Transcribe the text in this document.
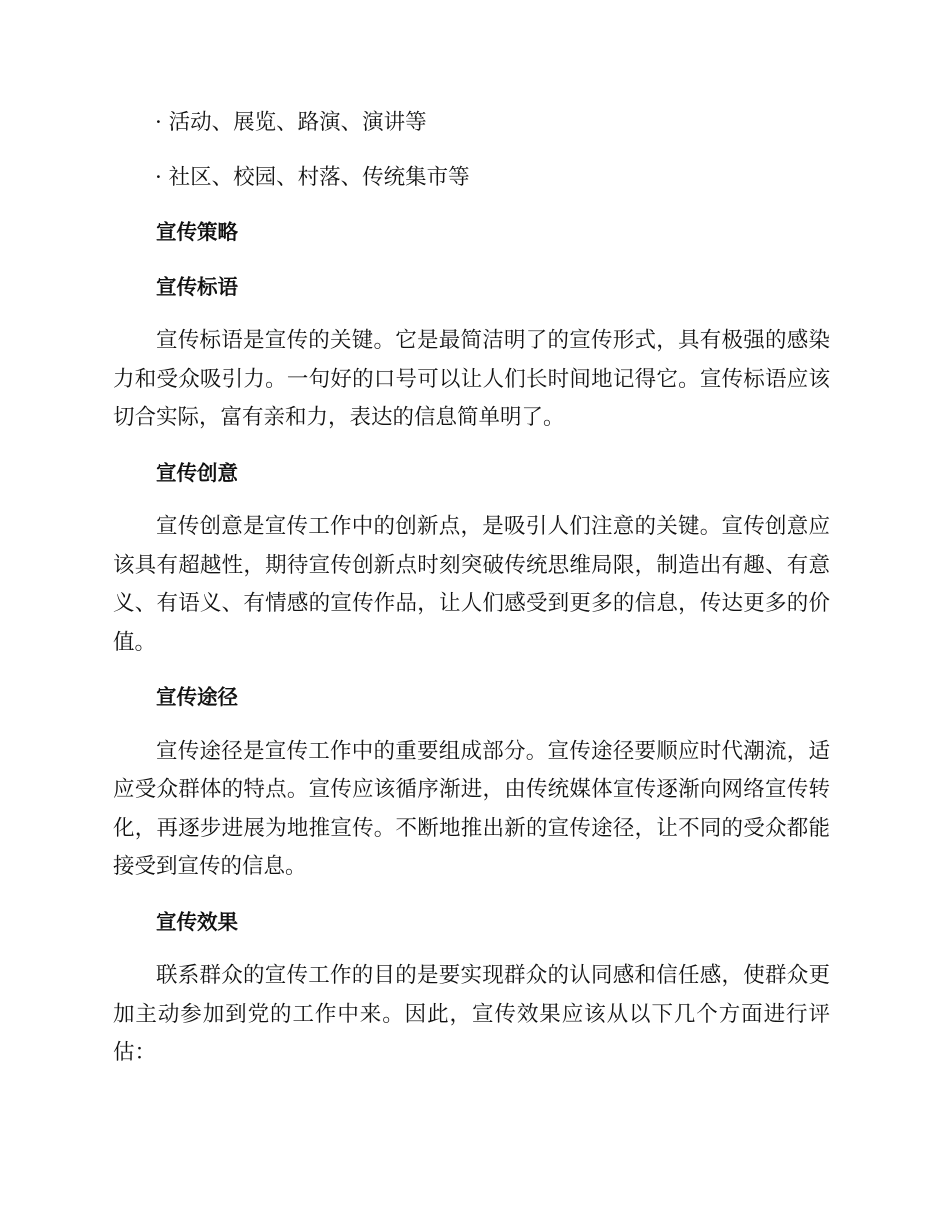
· 活动、展览、路演、演讲等

· 社区、校园、村落、传统集市等

宣传策略
宣传标语

宣传标语是宣传的关键。它是最简洁明了的宣传形式，具有极强的感染力和受众吸引力。一句好的口号可以让人们长时间地记得它。宣传标语应该切合实际，富有亲和力，表达的信息简单明了。

宣传创意

宣传创意是宣传工作中的创新点，是吸引人们注意的关键。宣传创意应该具有超越性，期待宣传创新点时刻突破传统思维局限，制造出有趣、有意义、有语义、有情感的宣传作品，让人们感受到更多的信息，传达更多的价值。

宣传途径

宣传途径是宣传工作中的重要组成部分。宣传途径要顺应时代潮流，适应受众群体的特点。宣传应该循序渐进，由传统媒体宣传逐渐向网络宣传转化，再逐步进展为地推宣传。不断地推出新的宣传途径，让不同的受众都能接受到宣传的信息。

宣传效果

联系群众的宣传工作的目的是要实现群众的认同感和信任感，使群众更加主动参加到党的工作中来。因此，宣传效果应该从以下几个方面进行评估：
